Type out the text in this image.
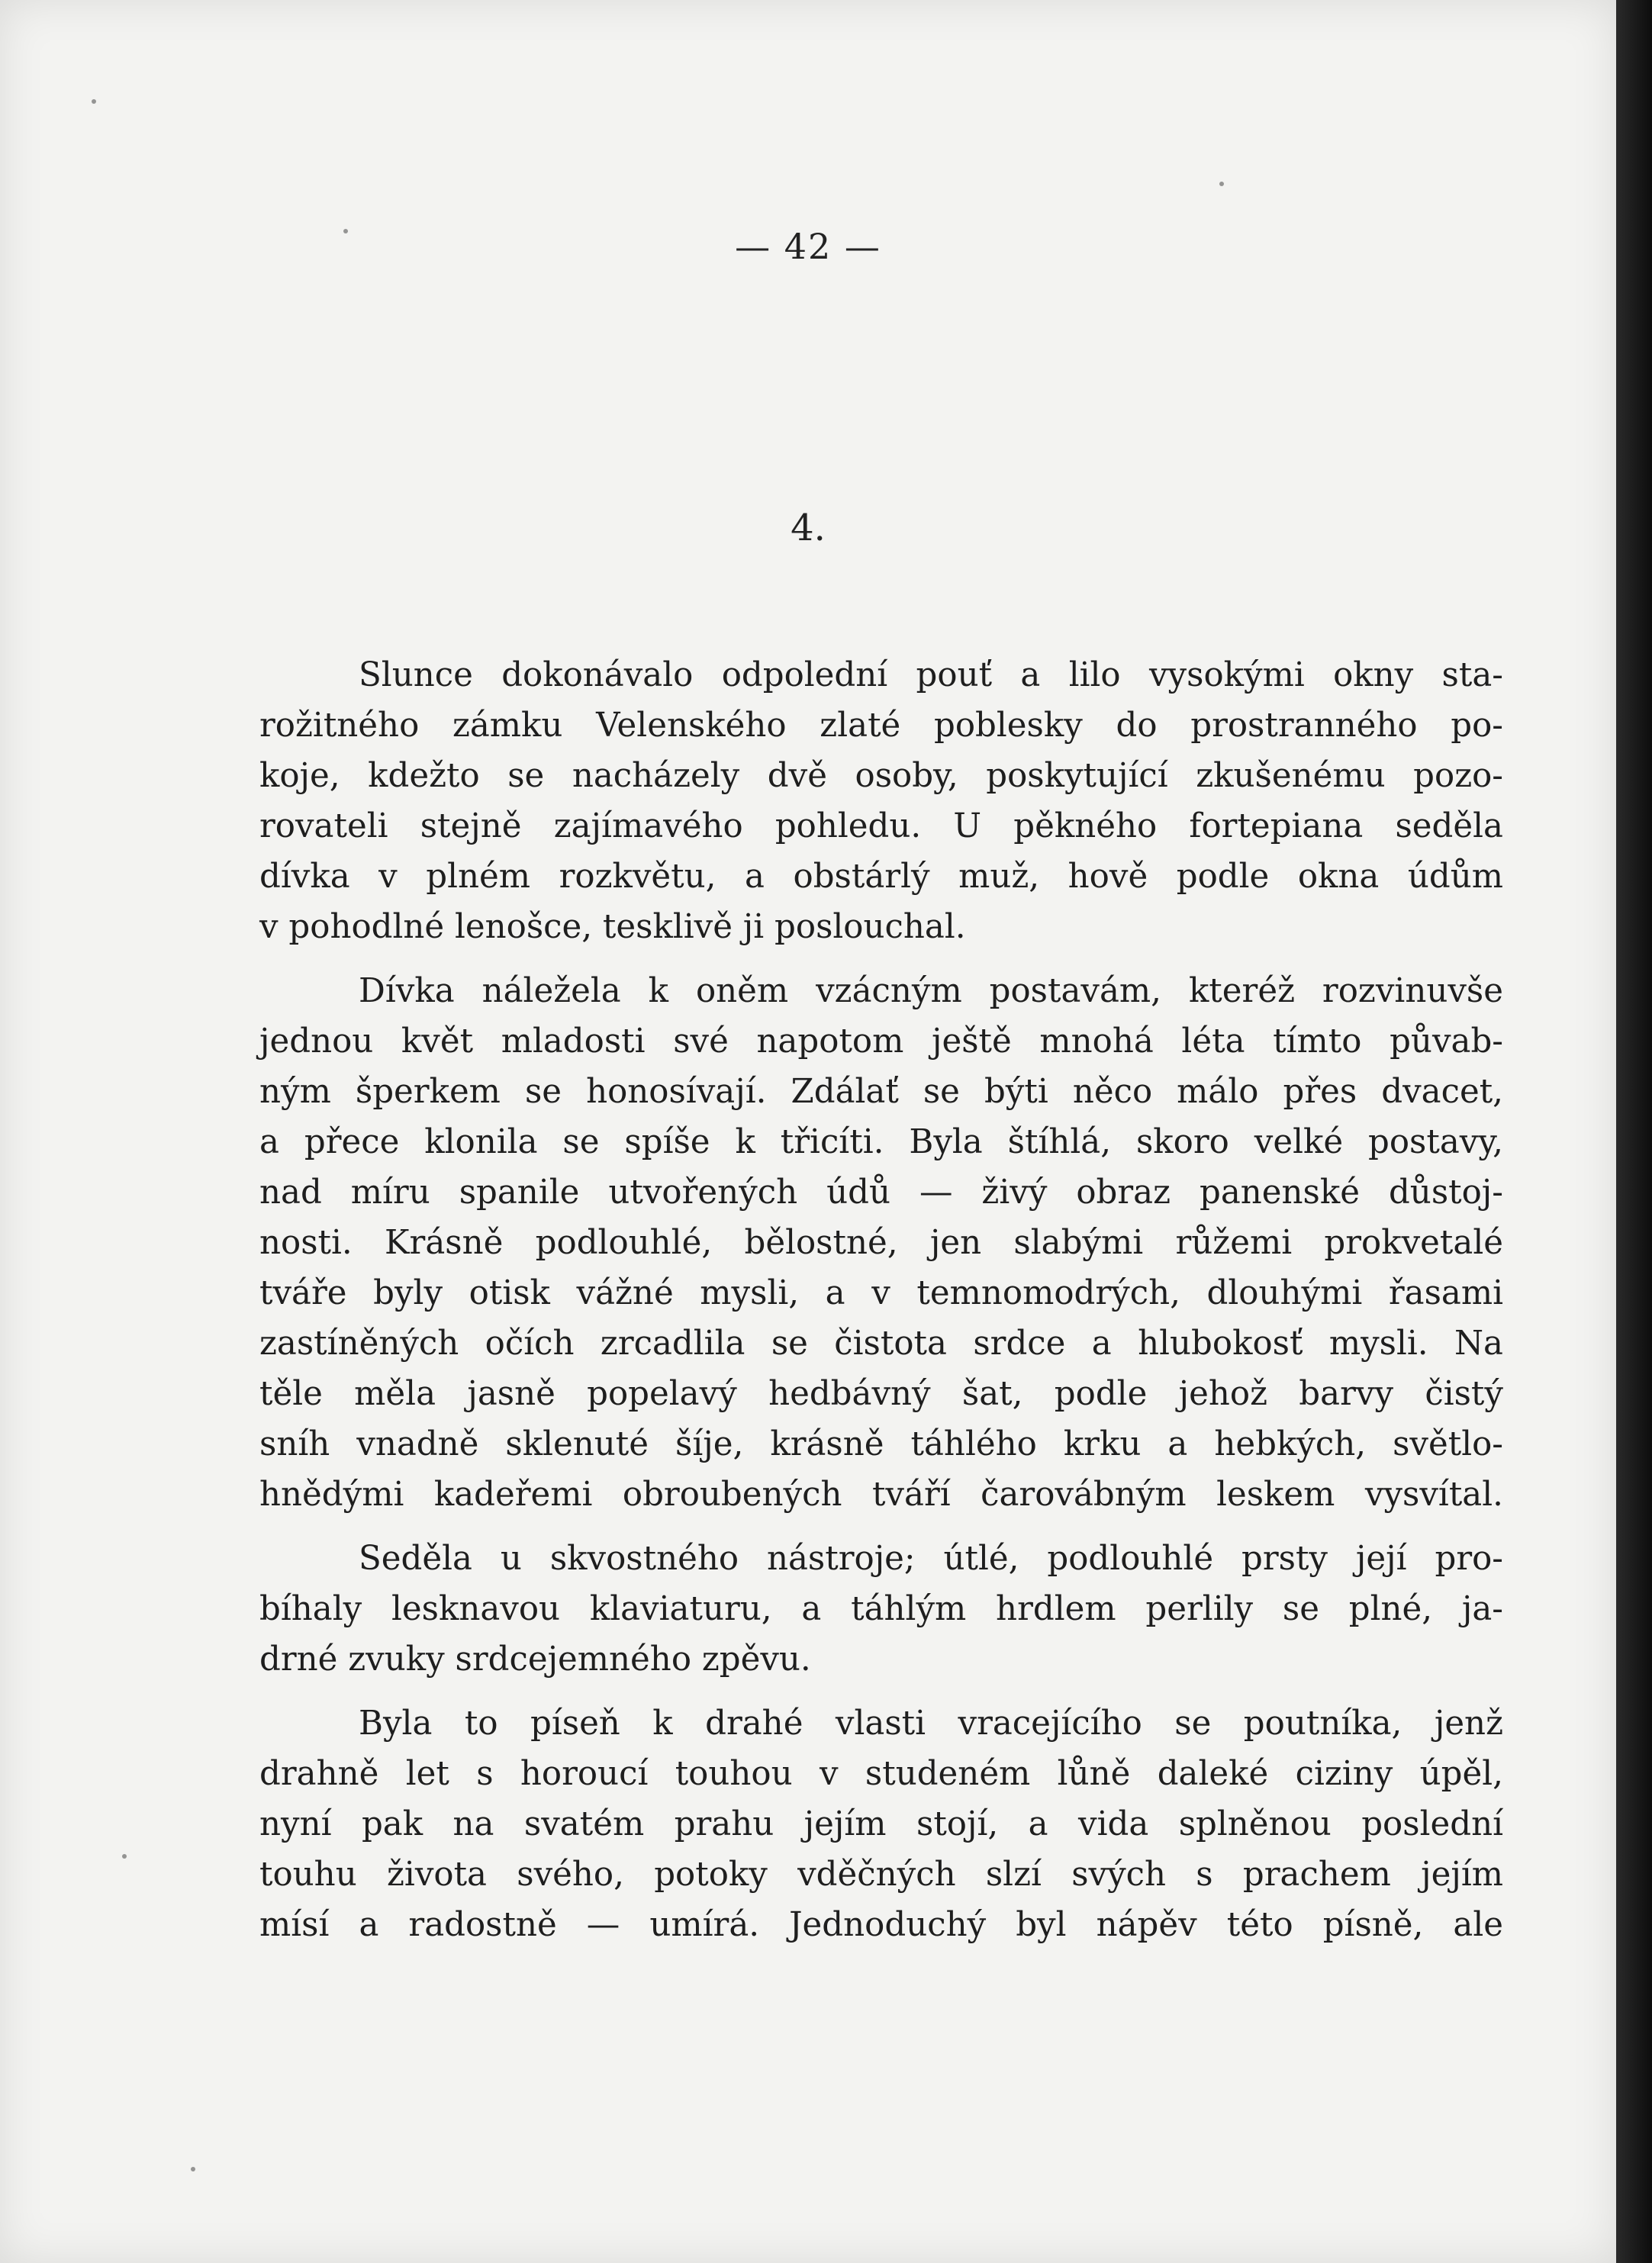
— 42 —
4.
Slunce dokonávalo odpolední pouť a lilo vysokými okny sta-
rožitného zámku Velenského zlaté poblesky do prostranného po-
koje, kdežto se nacházely dvě osoby, poskytující zkušenému pozo-
rovateli stejně zajímavého pohledu. U pěkného fortepiana seděla
dívka v plném rozkvětu, a obstárlý muž, hově podle okna údům
v pohodlné lenošce, tesklivě ji poslouchal.
Dívka náležela k oněm vzácným postavám, kteréž rozvinuvše
jednou květ mladosti své napotom ještě mnohá léta tímto půvab-
ným šperkem se honosívají. Zdálať se býti něco málo přes dvacet,
a přece klonila se spíše k třicíti. Byla štíhlá, skoro velké postavy,
nad míru spanile utvořených údů — živý obraz panenské důstoj-
nosti. Krásně podlouhlé, bělostné, jen slabými růžemi prokvetalé
tváře byly otisk vážné mysli, a v temnomodrých, dlouhými řasami
zastíněných očích zrcadlila se čistota srdce a hlubokosť mysli. Na
těle měla jasně popelavý hedbávný šat, podle jehož barvy čistý
sníh vnadně sklenuté šíje, krásně táhlého krku a hebkých, světlo-
hnědými kadeřemi obroubených tváří čarovábným leskem vysvítal.
Seděla u skvostného nástroje; útlé, podlouhlé prsty její pro-
bíhaly lesknavou klaviaturu, a táhlým hrdlem perlily se plné, ja-
drné zvuky srdcejemného zpěvu.
Byla to píseň k drahé vlasti vracejícího se poutníka, jenž
drahně let s horoucí touhou v studeném lůně daleké ciziny úpěl,
nyní pak na svatém prahu jejím stojí, a vida splněnou poslední
touhu života svého, potoky vděčných slzí svých s prachem jejím
mísí a radostně — umírá. Jednoduchý byl nápěv této písně, ale
